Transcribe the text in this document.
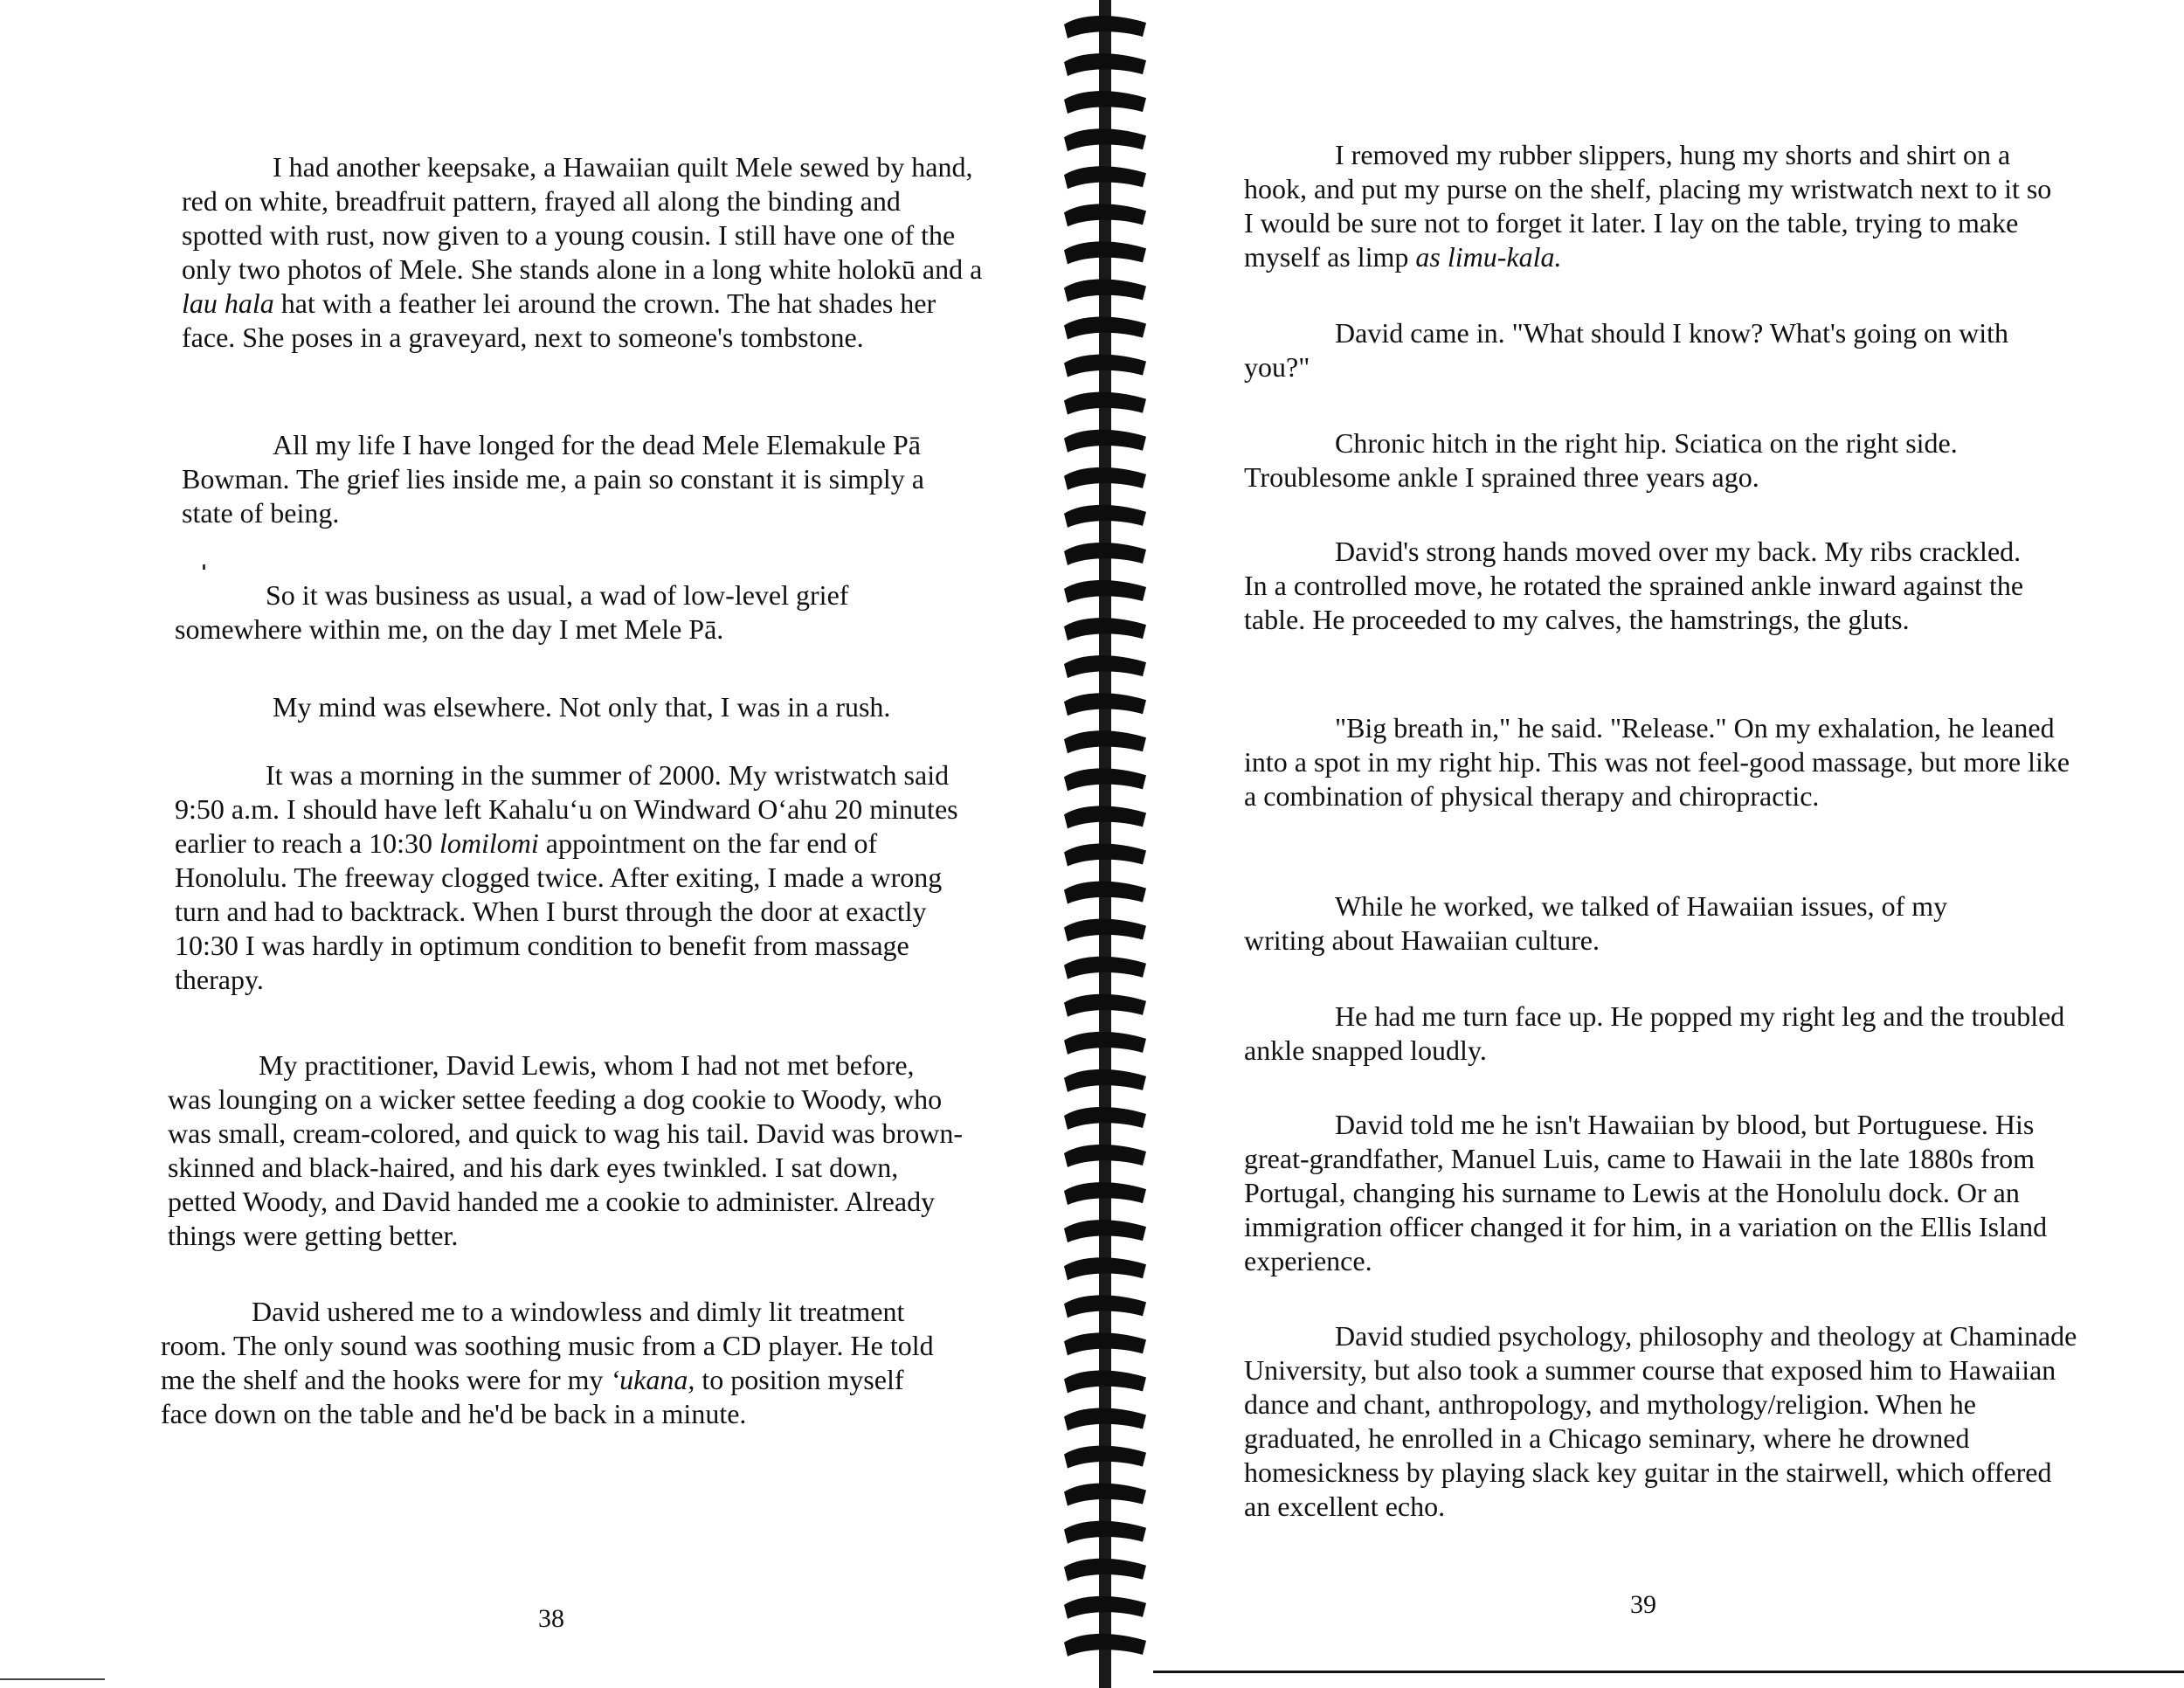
I had another keepsake, a Hawaiian quilt Mele sewed by hand, red on white, breadfruit pattern, frayed all along the binding and spotted with rust, now given to a young cousin. I still have one of the only two photos of Mele. She stands alone in a long white holokū and a lau hala hat with a feather lei around the crown. The hat shades her face. She poses in a graveyard, next to someone's tombstone.

All my life I have longed for the dead Mele Elemakule Pā Bowman. The grief lies inside me, a pain so constant it is simply a state of being.

So it was business as usual, a wad of low-level grief somewhere within me, on the day I met Mele Pā.

My mind was elsewhere. Not only that, I was in a rush.

It was a morning in the summer of 2000. My wristwatch said 9:50 a.m. I should have left Kahalu‘u on Windward O‘ahu 20 minutes earlier to reach a 10:30 lomilomi appointment on the far end of Honolulu. The freeway clogged twice. After exiting, I made a wrong turn and had to backtrack. When I burst through the door at exactly 10:30 I was hardly in optimum condition to benefit from massage therapy.

My practitioner, David Lewis, whom I had not met before, was lounging on a wicker settee feeding a dog cookie to Woody, who was small, cream-colored, and quick to wag his tail. David was brown-skinned and black-haired, and his dark eyes twinkled. I sat down, petted Woody, and David handed me a cookie to administer. Already things were getting better.

David ushered me to a windowless and dimly lit treatment room. The only sound was soothing music from a CD player. He told me the shelf and the hooks were for my ‘ukana, to position myself face down on the table and he'd be back in a minute.

38

I removed my rubber slippers, hung my shorts and shirt on a hook, and put my purse on the shelf, placing my wristwatch next to it so I would be sure not to forget it later. I lay on the table, trying to make myself as limp as limu-kala.

David came in. "What should I know? What's going on with you?"

Chronic hitch in the right hip. Sciatica on the right side. Troublesome ankle I sprained three years ago.

David's strong hands moved over my back. My ribs crackled. In a controlled move, he rotated the sprained ankle inward against the table. He proceeded to my calves, the hamstrings, the gluts.

"Big breath in," he said. "Release." On my exhalation, he leaned into a spot in my right hip. This was not feel-good massage, but more like a combination of physical therapy and chiropractic.

While he worked, we talked of Hawaiian issues, of my writing about Hawaiian culture.

He had me turn face up. He popped my right leg and the troubled ankle snapped loudly.

David told me he isn't Hawaiian by blood, but Portuguese. His great-grandfather, Manuel Luis, came to Hawaii in the late 1880s from Portugal, changing his surname to Lewis at the Honolulu dock. Or an immigration officer changed it for him, in a variation on the Ellis Island experience.

David studied psychology, philosophy and theology at Chaminade University, but also took a summer course that exposed him to Hawaiian dance and chant, anthropology, and mythology/religion. When he graduated, he enrolled in a Chicago seminary, where he drowned homesickness by playing slack key guitar in the stairwell, which offered an excellent echo.

39
